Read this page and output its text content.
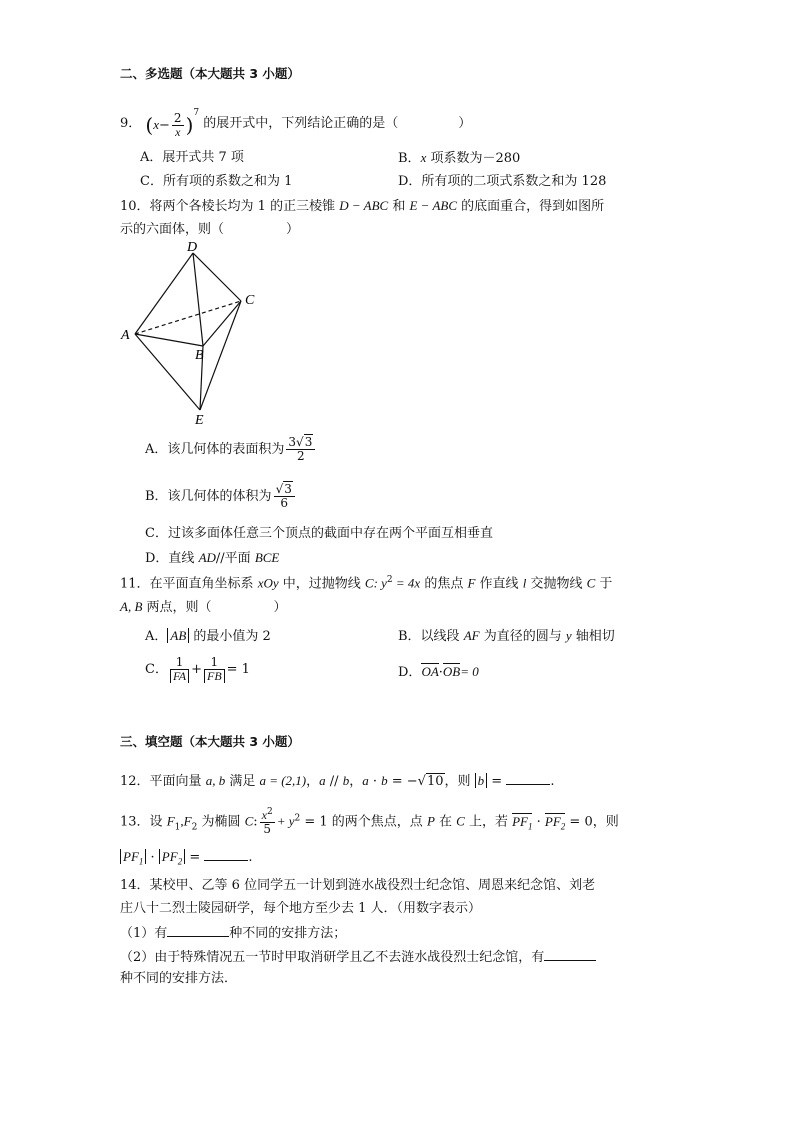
二、多选题（本大题共 3 小题）
9． $(x- \frac{2}{x} )^7$ 的展开式中，下列结论正确的是（	）
A．展开式共 7 项	B．x 项系数为－280
C．所有项的系数之和为 1	D．所有项的二项式系数之和为 128
10．将两个各棱长均为 1 的正三棱锥 D − ABC 和 E − ABC 的底面重合，得到如图所
示的六面体，则（	）
D
C
A
B
E
A．该几何体的表面积为 $\frac{3√3}{2}$
B．该几何体的体积为 $\frac{√3}{6}$
C．过该多面体任意三个顶点的截面中存在两个平面互相垂直
D．直线 AD//平面 BCE
11．在平面直角坐标系 xOy 中，过抛物线 C: $y^2 = 4x$ 的焦点 F 作直线 l 交抛物线 C 于
A, B 两点，则（	）
A． AB 的最小值为 2	B．以线段 AF 为直径的圆与 y 轴相切
C． $\frac{1}{FA} + \frac{1}{FB} = 1$	D．OA·OB= 0
三、填空题（本大题共 3 小题）
12．平面向量 a, b 满足 a = (2,1)，a // b，a · b = −√10，则 b =	.
13．设 $F_1,F_2$ 为椭圆 C: $\frac{x^2}{5} + y^2 = 1$ 的两个焦点，点 P 在 C 上，若 $PF_1 \cdot PF_2 = 0$，则
$PF_1 \cdot PF_2$ =	.
14．某校甲、乙等 6 位同学五一计划到涟水战役烈士纪念馆、周恩来纪念馆、刘老
庄八十二烈士陵园研学，每个地方至少去 1 人．（用数字表示）
（1）有	种不同的安排方法；
（2）由于特殊情况五一节时甲取消研学且乙不去涟水战役烈士纪念馆，有
种不同的安排方法．
